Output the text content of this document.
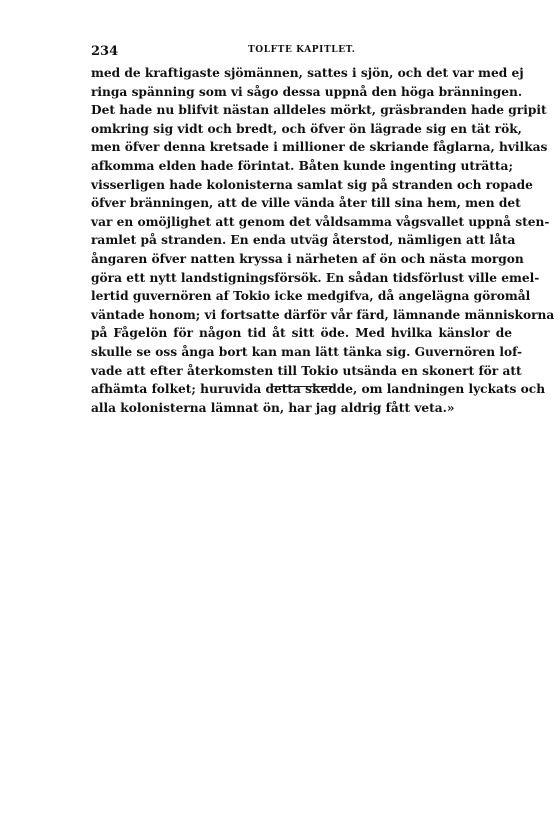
234	TOLFTE KAPITLET.
med de kraftigaste sjömännen, sattes i sjön, och det var med ej
ringa spänning som vi sågo dessa uppnå den höga bränningen.
Det hade nu blifvit nästan alldeles mörkt, gräsbranden hade gripit
omkring sig vidt och bredt, och öfver ön lägrade sig en tät rök,
men öfver denna kretsade i millioner de skriande fåglarna, hvilkas
afkomma elden hade förintat. Båten kunde ingenting uträtta;
visserligen hade kolonisterna samlat sig på stranden och ropade
öfver bränningen, att de ville vända åter till sina hem, men det
var en omöjlighet att genom det våldsamma vågsvallet uppnå sten-
ramlet på stranden. En enda utväg återstod, nämligen att låta
ångaren öfver natten kryssa i närheten af ön och nästa morgon
göra ett nytt landstigningsförsök. En sådan tidsförlust ville emel-
lertid guvernören af Tokio icke medgifva, då angelägna göromål
väntade honom; vi fortsatte därför vår färd, lämnande människorna
på Fågelön för någon tid åt sitt öde. Med hvilka känslor de
skulle se oss ånga bort kan man lätt tänka sig. Guvernören lof-
vade att efter återkomsten till Tokio utsända en skonert för att
afhämta folket; huruvida detta skedde, om landningen lyckats och
alla kolonisterna lämnat ön, har jag aldrig fått veta.»
